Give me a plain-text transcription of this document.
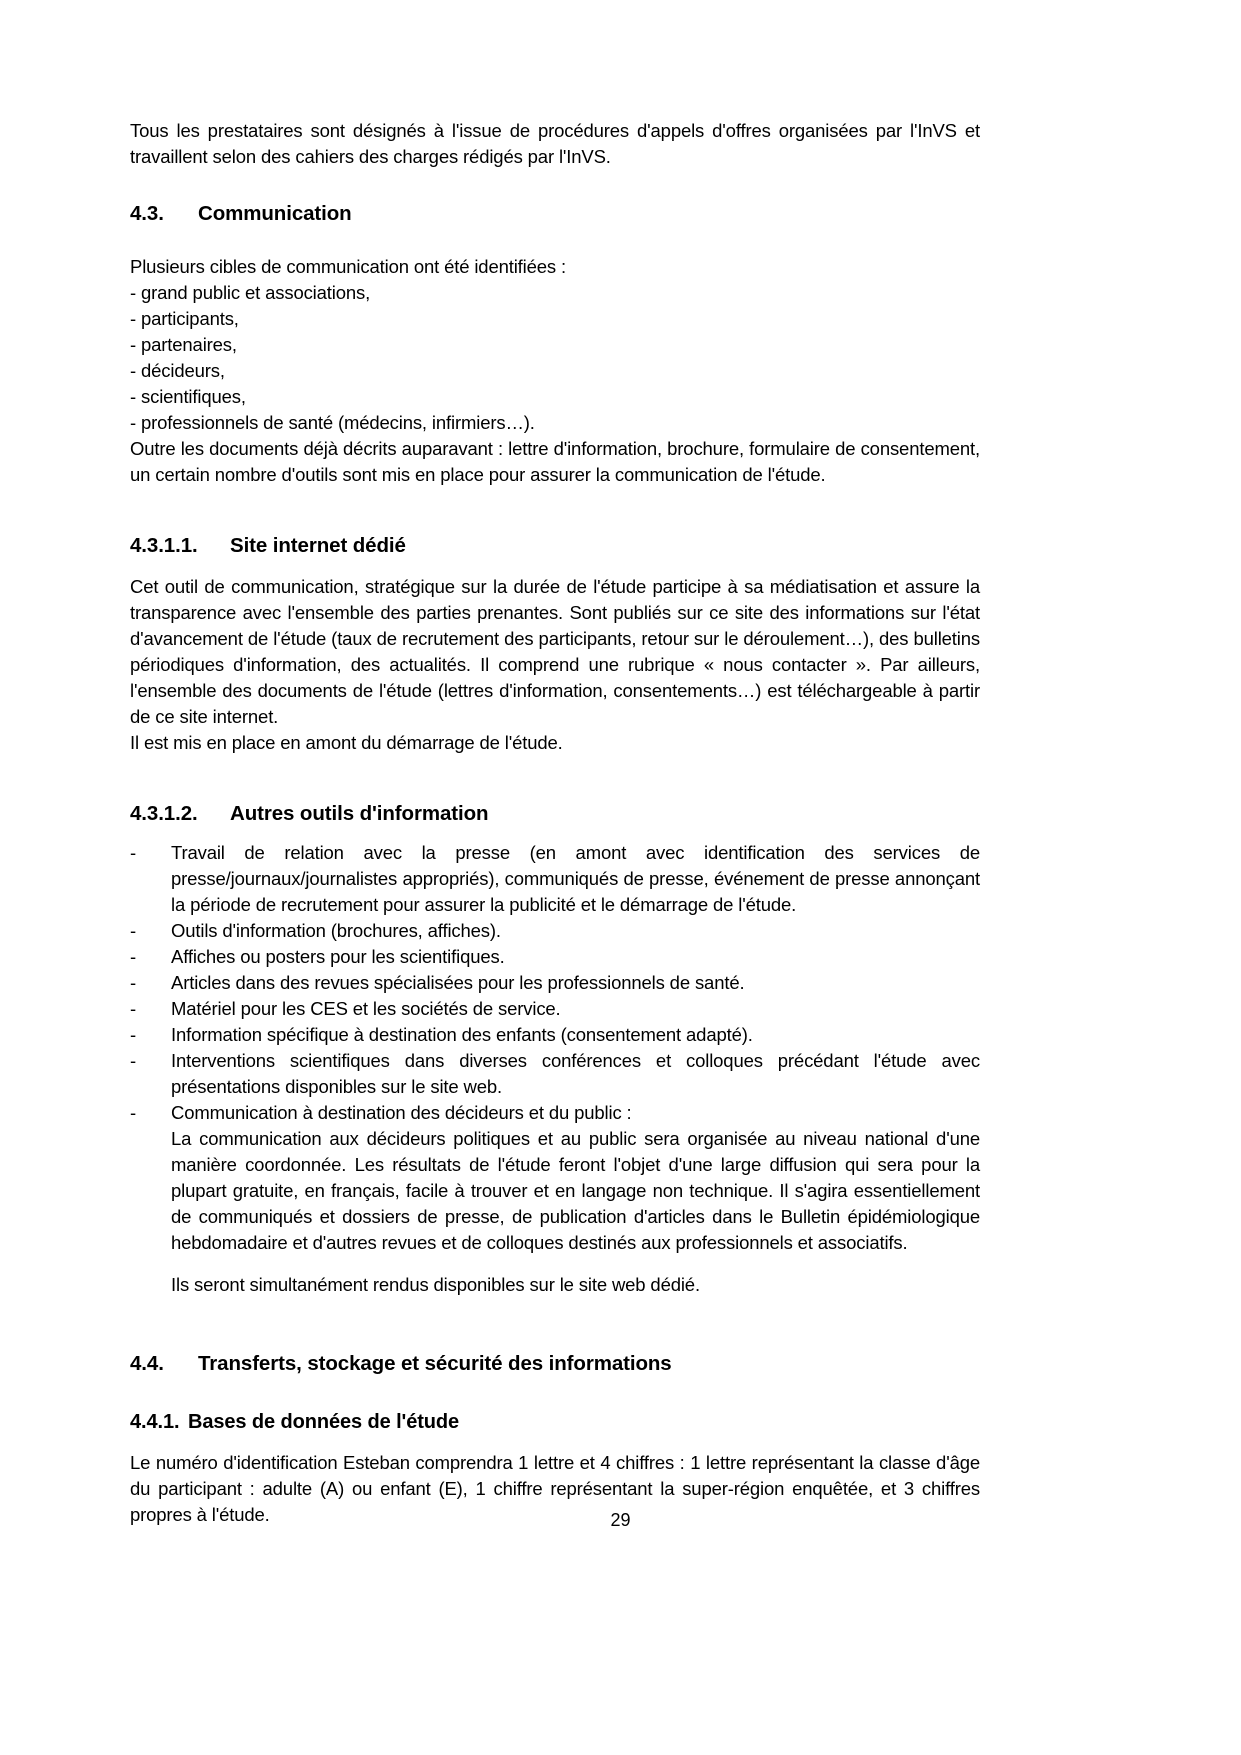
Tous les prestataires sont désignés à l'issue de procédures d'appels d'offres organisées par l'InVS et travaillent selon des cahiers des charges rédigés par l'InVS.

4.3. Communication

Plusieurs cibles de communication ont été identifiées :

- grand public et associations,

- participants,

- partenaires,

- décideurs,

- scientifiques,

- professionnels de santé (médecins, infirmiers…).

Outre les documents déjà décrits auparavant : lettre d'information, brochure, formulaire de consentement, un certain nombre d'outils sont mis en place pour assurer la communication de l'étude.

4.3.1.1. Site internet dédié

Cet outil de communication, stratégique sur la durée de l'étude participe à sa médiatisation et assure la transparence avec l'ensemble des parties prenantes. Sont publiés sur ce site des informations sur l'état d'avancement de l'étude (taux de recrutement des participants, retour sur le déroulement…), des bulletins périodiques d'information, des actualités. Il comprend une rubrique « nous contacter ». Par ailleurs, l'ensemble des documents de l'étude (lettres d'information, consentements…) est téléchargeable à partir de ce site internet.

Il est mis en place en amont du démarrage de l'étude.

4.3.1.2. Autres outils d'information
-	Travail de relation avec la presse (en amont avec identification des services de presse/journaux/journalistes appropriés), communiqués de presse, événement de presse annonçant la période de recrutement pour assurer la publicité et le démarrage de l'étude.
-	Outils d'information (brochures, affiches).
-	Affiches ou posters pour les scientifiques.
-	Articles dans des revues spécialisées pour les professionnels de santé.
-	Matériel pour les CES et les sociétés de service.
-	Information spécifique à destination des enfants (consentement adapté).
-	Interventions scientifiques dans diverses conférences et colloques précédant l'étude avec présentations disponibles sur le site web.
-	Communication à destination des décideurs et du public :
La communication aux décideurs politiques et au public sera organisée au niveau national d'une manière coordonnée. Les résultats de l'étude feront l'objet d'une large diffusion qui sera pour la plupart gratuite, en français, facile à trouver et en langage non technique. Il s'agira essentiellement de communiqués et dossiers de presse, de publication d'articles dans le Bulletin épidémiologique hebdomadaire et d'autres revues et de colloques destinés aux professionnels et associatifs.
Ils seront simultanément rendus disponibles sur le site web dédié.
4.4. Transferts, stockage et sécurité des informations
4.4.1. Bases de données de l'étude

Le numéro d'identification Esteban comprendra 1 lettre et 4 chiffres : 1 lettre représentant la classe d'âge du participant : adulte (A) ou enfant (E), 1 chiffre représentant la super-région enquêtée, et 3 chiffres propres à l'étude.	29
